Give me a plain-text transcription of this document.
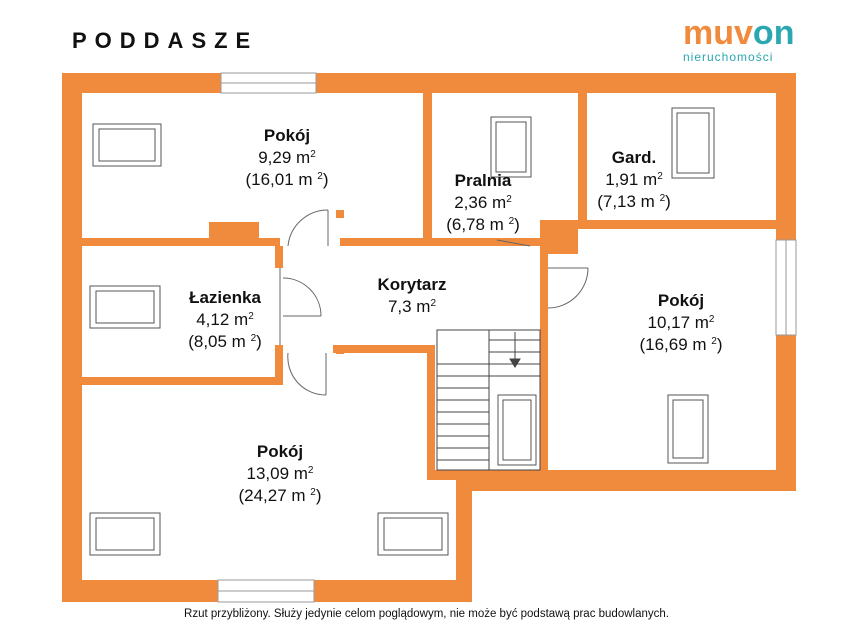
PODDASZE	muvon
nieruchomości
Pokój
9,29 $m^2$
(16,01 m $^2$)	Pralnia
2,36 $m^2$
(6,78 m $^2$)
Gard.
1,91 $m^2$
(7,13 m $^2$)
Łazienka
4,12 $m^2$
(8,05 m $^2$)
Korytarz
7,3 $m^2$	Pokój
10,17 $m^2$
(16,69 m $^2$)
Pokój
13,09 $m^2$
(24,27 m $^2$)
Rzut przybliżony. Służy jedynie celom poglądowym, nie może być podstawą prac budowlanych.
